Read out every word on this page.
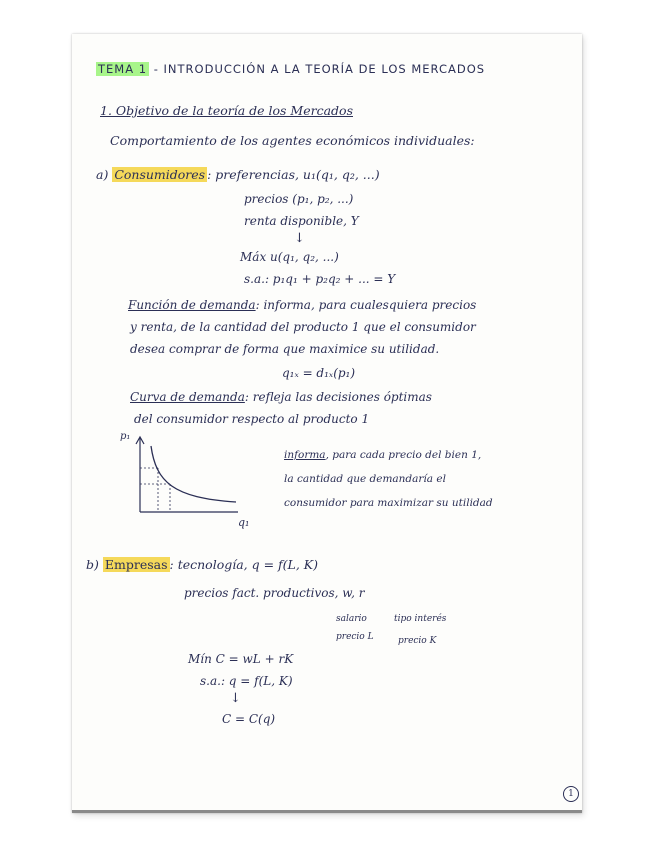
TEMA 1 - INTRODUCCIÓN A LA TEORÍA DE LOS MERCADOS
1. Objetivo de la teoría de los Mercados
Comportamiento de los agentes económicos individuales:
a) Consumidores : preferencias, u₁(q₁, q₂, ...)
precios (p₁, p₂, ...)
renta disponible, Y
↓
Máx u(q₁, q₂, ...)
s.a.: p₁q₁ + p₂q₂ + ... = Y
Función de demanda: informa, para cualesquiera precios
y renta, de la cantidad del producto 1 que el consumidor
desea comprar de forma que maximice su utilidad.
q₁ₓ = d₁ₓ(p₁)
Curva de demanda: refleja las decisiones óptimas
del consumidor respecto al producto 1
p₁
q₁
informa, para cada precio del bien 1,
la cantidad que demandaría el
consumidor para maximizar su utilidad
b) Empresas : tecnología, q = f(L, K)
precios fact. productivos, w, r
salario	tipo interés
precio L	precio K
Mín C = wL + rK
s.a.: q = f(L, K)
↓
C = C(q)
1
